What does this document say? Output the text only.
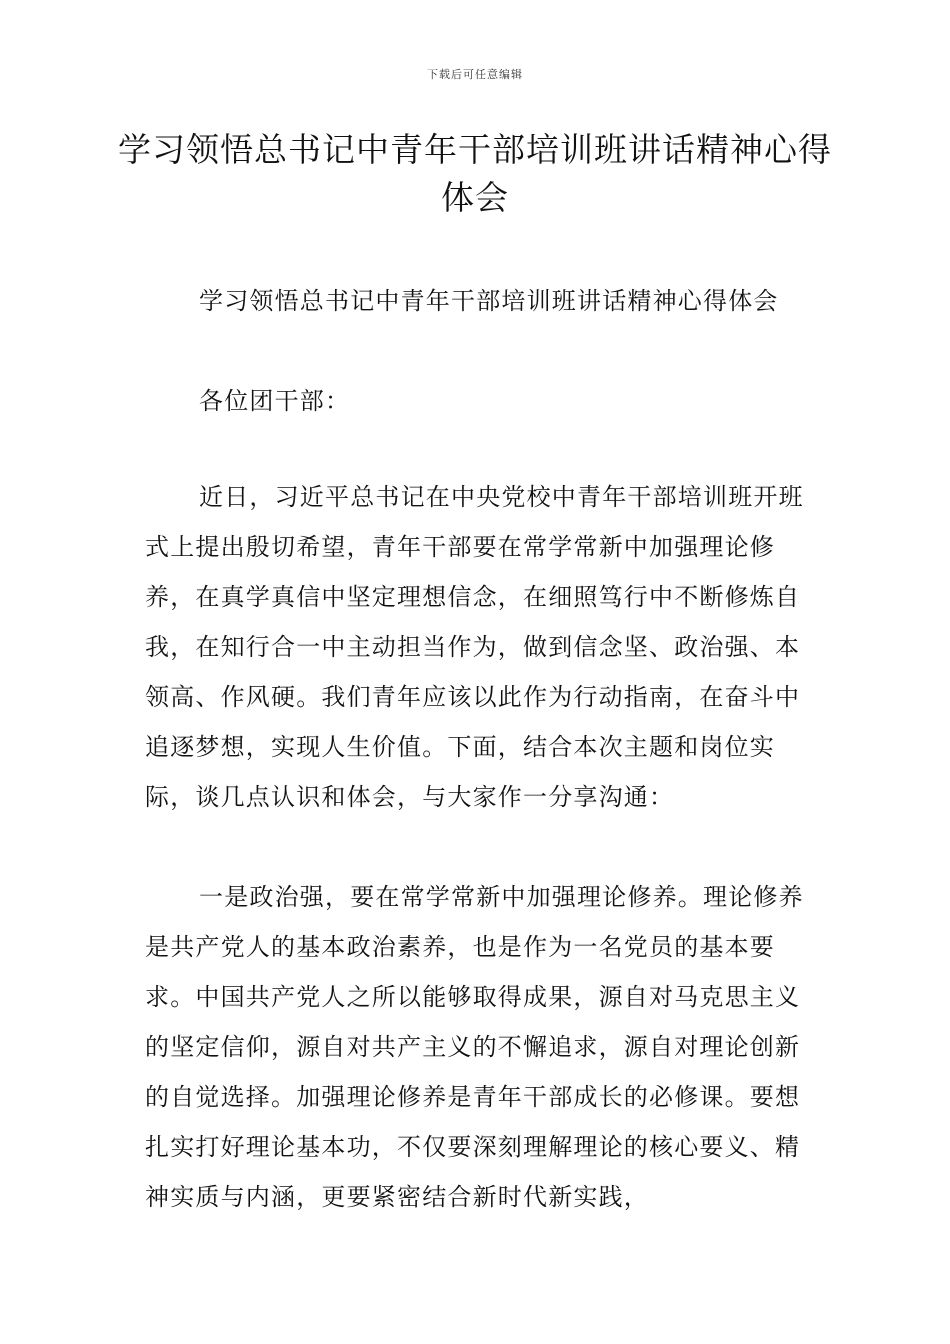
下载后可任意编辑
学习领悟总书记中青年干部培训班讲话精神心得体会

学习领悟总书记中青年干部培训班讲话精神心得体会

各位团干部：

近日，习近平总书记在中央党校中青年干部培训班开班式上提出殷切希望，青年干部要在常学常新中加强理论修养，在真学真信中坚定理想信念，在细照笃行中不断修炼自我，在知行合一中主动担当作为，做到信念坚、政治强、本领高、作风硬。我们青年应该以此作为行动指南，在奋斗中追逐梦想，实现人生价值。下面，结合本次主题和岗位实际，谈几点认识和体会，与大家作一分享沟通：

一是政治强，要在常学常新中加强理论修养。理论修养是共产党人的基本政治素养，也是作为一名党员的基本要求。中国共产党人之所以能够取得成果，源自对马克思主义的坚定信仰，源自对共产主义的不懈追求，源自对理论创新的自觉选择。加强理论修养是青年干部成长的必修课。要想扎实打好理论基本功，不仅要深刻理解理论的核心要义、精神实质与内涵，更要紧密结合新时代新实践，
